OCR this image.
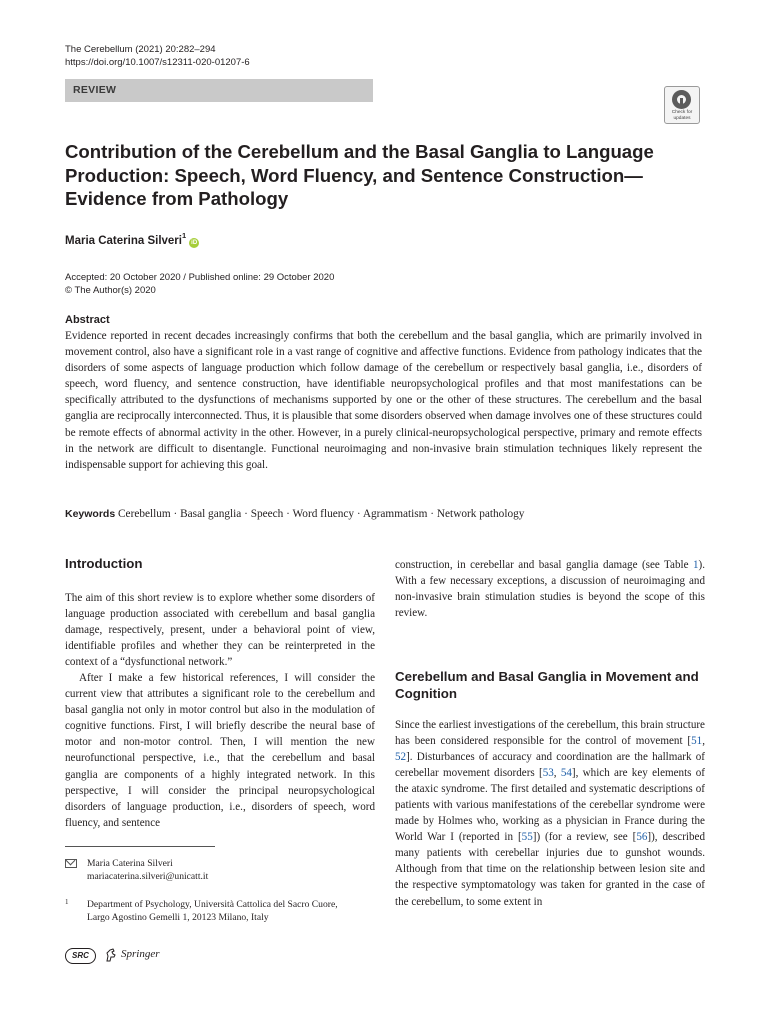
The Cerebellum (2021) 20:282–294
https://doi.org/10.1007/s12311-020-01207-6
REVIEW
Check for
updates
Contribution of the Cerebellum and the Basal Ganglia to Language Production: Speech, Word Fluency, and Sentence Construction—Evidence from Pathology
Maria Caterina Silveri$^1$iD
Accepted: 20 October 2020 / Published online: 29 October 2020
© The Author(s) 2020
Abstract

Evidence reported in recent decades increasingly confirms that both the cerebellum and the basal ganglia, which are primarily involved in movement control, also have a significant role in a vast range of cognitive and affective functions. Evidence from pathology indicates that the disorders of some aspects of language production which follow damage of the cerebellum or respectively basal ganglia, i.e., disorders of speech, word fluency, and sentence construction, have identifiable neuropsychological profiles and that most manifestations can be specifically attributed to the dysfunctions of mechanisms supported by one or the other of these structures. The cerebellum and the basal ganglia are reciprocally interconnected. Thus, it is plausible that some disorders observed when damage involves one of these structures could be remote effects of abnormal activity in the other. However, in a purely clinical-neuropsychological perspective, primary and remote effects in the network are difficult to disentangle. Functional neuroimaging and non-invasive brain stimulation techniques likely represent the indispensable support for achieving this goal.

Keywords Cerebellum · Basal ganglia · Speech · Word fluency · Agrammatism · Network pathology
Introduction

The aim of this short review is to explore whether some disorders of language production associated with cerebellum and basal ganglia damage, respectively, present, under a behavioral point of view, identifiable profiles and whether they can be reinterpreted in the context of a “dysfunctional network.”

After I make a few historical references, I will consider the current view that attributes a significant role to the cerebellum and basal ganglia not only in motor control but also in the modulation of cognitive functions. First, I will briefly describe the neural base of motor and non-motor control. Then, I will mention the new neurofunctional perspective, i.e., that the cerebellum and basal ganglia are components of a highly integrated network. In this perspective, I will consider the principal neuropsychological disorders of language production, i.e., disorders of speech, word fluency, and sentence

construction, in cerebellar and basal ganglia damage (see Table 1). With a few necessary exceptions, a discussion of neuroimaging and non-invasive brain stimulation studies is beyond the scope of this review.

Cerebellum and Basal Ganglia in Movement and Cognition

Since the earliest investigations of the cerebellum, this brain structure has been considered responsible for the control of movement [51, 52]. Disturbances of accuracy and coordination are the hallmark of cerebellar movement disorders [53, 54], which are key elements of the ataxic syndrome. The first detailed and systematic descriptions of patients with various manifestations of the cerebellar syndrome were made by Holmes who, working as a physician in France during the World War I (reported in [55]) (for a review, see [56]), described many patients with cerebellar injuries due to gunshot wounds. Although from that time on the relationship between lesion site and the respective symptomatology was taken for granted in the case of the cerebellum, to some extent in

Maria Caterina Silveri
mariacaterina.silveri@unicatt.it
1 Department of Psychology, Università Cattolica del Sacro Cuore,
Largo Agostino Gemelli 1, 20123 Milano, Italy
SRC	Springer
